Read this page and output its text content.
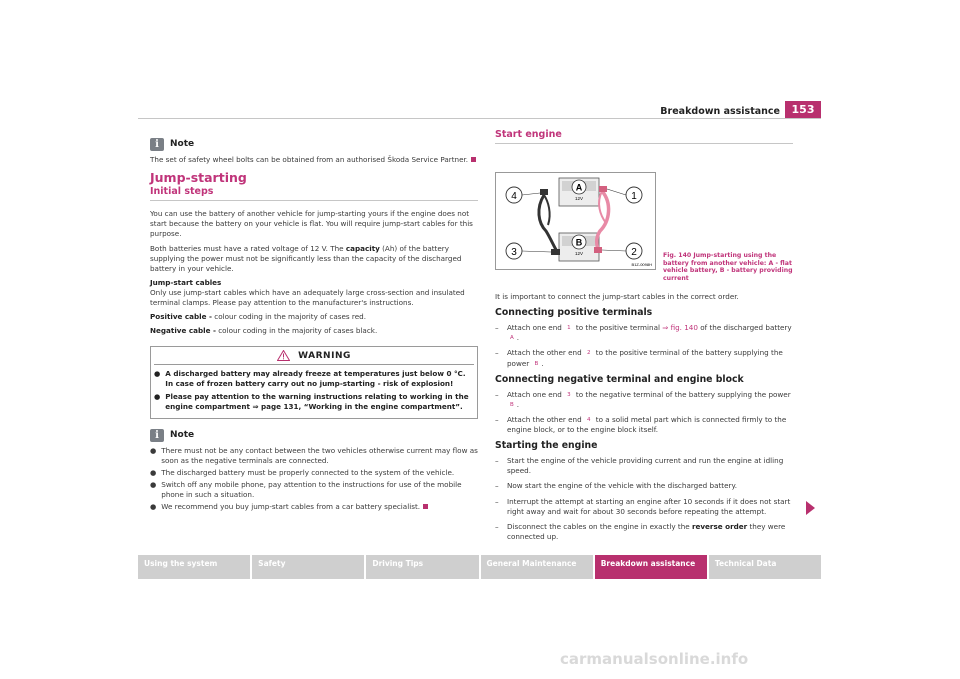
Breakdown assistance	153
i	Note

The set of safety wheel bolts can be obtained from an authorised Škoda Service Partner.

Jump-starting
Initial steps

You can use the battery of another vehicle for jump-starting yours if the engine does not start because the battery on your vehicle is flat. You will require jump-start cables for this purpose.

Both batteries must have a rated voltage of 12 V. The capacity (Ah) of the battery supplying the power must not be significantly less than the capacity of the discharged battery in your vehicle.

Jump-start cables
Only use jump-start cables which have an adequately large cross-section and insulated terminal clamps. Please pay attention to the manufacturer's instructions.

Positive cable - colour coding in the majority of cases red.

Negative cable - colour coding in the majority of cases black.

WARNING
● A discharged battery may already freeze at temperatures just below 0 °C. In case of frozen battery carry out no jump-starting - risk of explosion!
● Please pay attention to the warning instructions relating to working in the engine compartment ⇒ page 131, “Working in the engine compartment”.
i	Note
● There must not be any contact between the two vehicles otherwise current may flow as soon as the negative terminals are connected.
● The discharged battery must be properly connected to the system of the vehicle.
● Switch off any mobile phone, pay attention to the instructions for use of the mobile phone in such a situation.
● We recommend you buy jump-start cables from a car battery specialist.
Start engine
A
B
12V
12V
4	1
3	2
B1Z-0098H
Fig. 140 Jump-starting using the battery from another vehicle: A - flat vehicle battery, B - battery providing current

It is important to connect the jump-start cables in the correct order.

Connecting positive terminals
–	Attach one end 1 to the positive terminal ⇒ fig. 140 of the discharged battery
A .
–	Attach the other end 2 to the positive terminal of the battery supplying the power B .
Connecting negative terminal and engine block
–	Attach one end 3 to the negative terminal of the battery supplying the power
B .
–	Attach the other end 4 to a solid metal part which is connected firmly to the engine block, or to the engine block itself.
Starting the engine
–	Start the engine of the vehicle providing current and run the engine at idling speed.
–	Now start the engine of the vehicle with the discharged battery.
–	Interrupt the attempt at starting an engine after 10 seconds if it does not start right away and wait for about 30 seconds before repeating the attempt.
–	Disconnect the cables on the engine in exactly the reverse order they were connected up.
Using the system	Safety	Driving Tips	General Maintenance	Breakdown assistance	Technical Data
carmanualsonline.info
